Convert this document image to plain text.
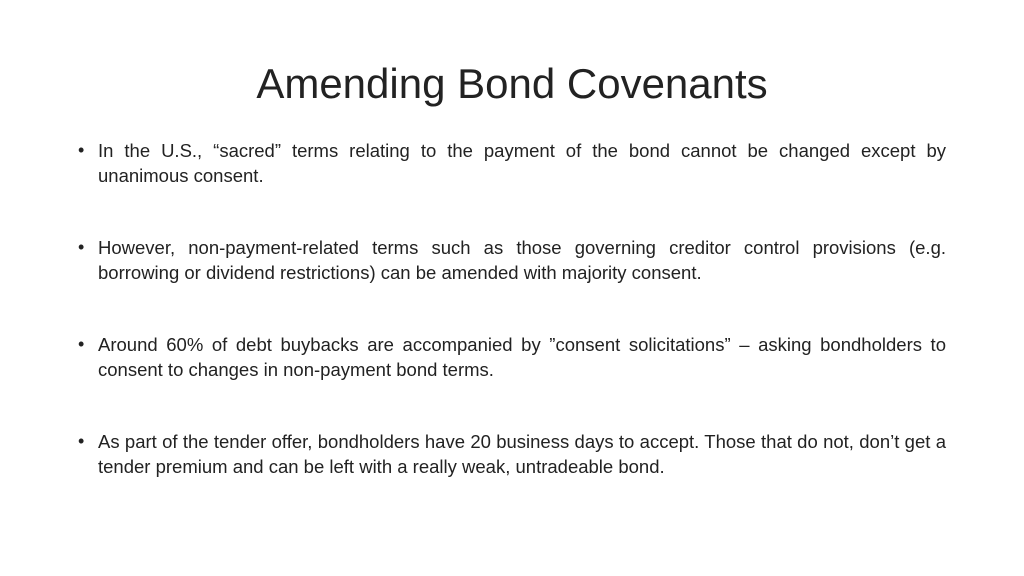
Amending Bond Covenants
• In the U.S., “sacred” terms relating to the payment of the bond cannot be changed except by unanimous consent.
• However, non-payment-related terms such as those governing creditor control provisions (e.g. borrowing or dividend restrictions) can be amended with majority consent.
• Around 60% of debt buybacks are accompanied by ”consent solicitations” – asking bondholders to consent to changes in non-payment bond terms.
• As part of the tender offer, bondholders have 20 business days to accept. Those that do not, don’t get a tender premium and can be left with a really weak, untradeable bond.
